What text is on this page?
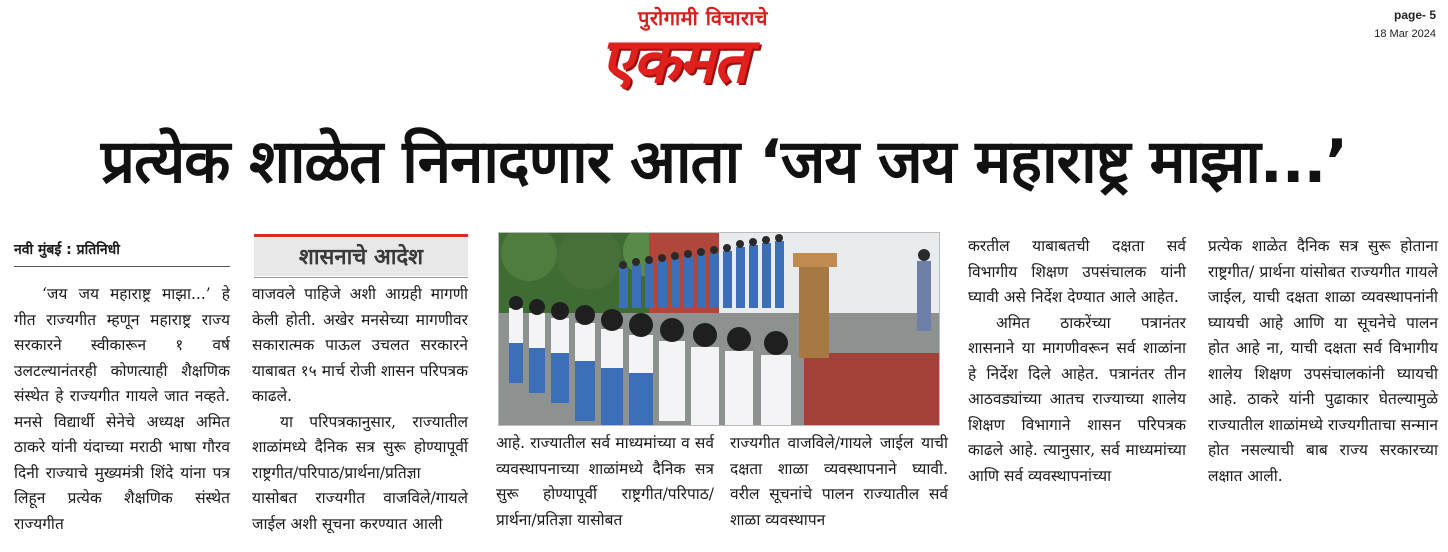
पुरोगामी विचाराचे
एकमत
page- 5
18 Mar 2024
प्रत्येक शाळेत निनादणार आता ‘जय जय महाराष्ट्र माझा...’
नवी मुंबई : प्रतिनिधी

‘जय जय महाराष्ट्र माझा...’ हे गीत राज्यगीत म्हणून महाराष्ट्र राज्य सरकारने स्वीकारून १ वर्ष उलटल्यानंतरही कोणत्याही शैक्षणिक संस्थेत हे राज्यगीत गायले जात नव्हते. मनसे विद्यार्थी सेनेचे अध्यक्ष अमित ठाकरे यांनी यंदाच्या मराठी भाषा गौरव दिनी राज्याचे मुख्यमंत्री शिंदे यांना पत्र लिहून प्रत्येक शैक्षणिक संस्थेत राज्यगीत

शासनाचे आदेश

वाजवले पाहिजे अशी आग्रही मागणी केली होती. अखेर मनसेच्या मागणीवर सकारात्मक पाऊल उचलत सरकारने याबाबत १५ मार्च रोजी शासन परिपत्रक काढले.

या परिपत्रकानुसार, राज्यातील शाळांमध्ये दैनिक सत्र सुरू होण्यापूर्वी राष्ट्रगीत/परिपाठ/प्रार्थना/प्रतिज्ञा यासोबत राज्यगीत वाजविले/गायले जाईल अशी सूचना करण्यात आली

आहे. राज्यातील सर्व माध्यमांच्या व सर्व व्यवस्थापनाच्या शाळांमध्ये दैनिक सत्र सुरू होण्यापूर्वी राष्ट्रगीत/परिपाठ/प्रार्थना/प्रतिज्ञा यासोबत

राज्यगीत वाजविले/गायले जाईल याची दक्षता शाळा व्यवस्थापनाने घ्यावी. वरील सूचनांचे पालन राज्यातील सर्व शाळा व्यवस्थापन

करतील याबाबतची दक्षता सर्व विभागीय शिक्षण उपसंचालक यांनी घ्यावी असे निर्देश देण्यात आले आहेत.

अमित ठाकरेंच्या पत्रानंतर शासनाने या मागणीवरून सर्व शाळांना हे निर्देश दिले आहेत. पत्रानंतर तीन आठवड्यांच्या आतच राज्याच्या शालेय शिक्षण विभागाने शासन परिपत्रक काढले आहे. त्यानुसार, सर्व माध्यमांच्या आणि सर्व व्यवस्थापनांच्या

प्रत्येक शाळेत दैनिक सत्र सुरू होताना राष्ट्रगीत/ प्रार्थना यांसोबत राज्यगीत गायले जाईल, याची दक्षता शाळा व्यवस्थापनांनी घ्यायची आहे आणि या सूचनेचे पालन होत आहे ना, याची दक्षता सर्व विभागीय शालेय शिक्षण उपसंचालकांनी घ्यायची आहे. ठाकरे यांनी पुढाकार घेतल्यामुळे राज्यातील शाळांमध्ये राज्यगीताचा सन्मान होत नसल्याची बाब राज्य सरकारच्या लक्षात आली.
